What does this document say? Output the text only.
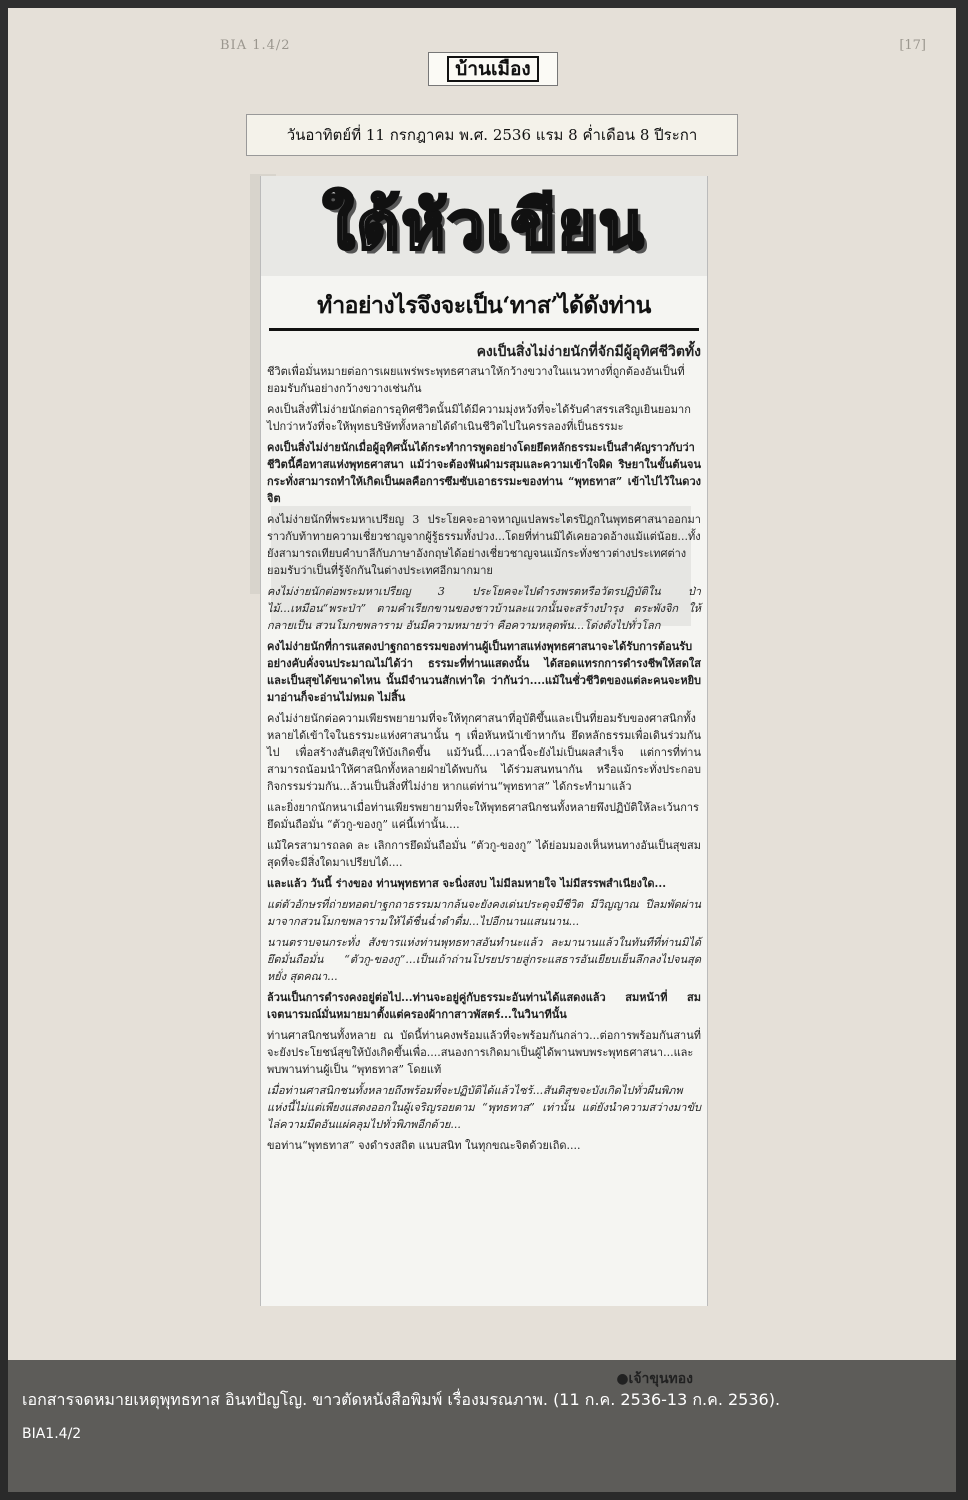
BIA 1.4/2	[17]
บ้านเมือง
วันอาทิตย์ที่ 11 กรกฎาคม พ.ศ. 2536 แรม 8 ค่ำเดือน 8 ปีระกา
ใต้หัวเขียน
ทำอย่างไรจึงจะเป็น‘ทาส’ได้ดังท่าน

คงเป็นสิ่งไม่ง่ายนักที่จักมีผู้อุทิศชีวิตทั้ง

ชีวิตเพื่อมั่นหมายต่อการเผยแพร่พระพุทธศาสนาให้กว้างขวางในแนวทางที่ถูกต้องอันเป็นที่ยอมรับกันอย่างกว้างขวางเช่นกัน

คงเป็นสิ่งที่ไม่ง่ายนักต่อการอุทิศชีวิตนั้นมิได้มีความมุ่งหวังที่จะได้รับคำสรรเสริญเยินยอมากไปกว่าหวังที่จะให้พุทธบริษัททั้งหลายได้ดำเนินชีวิตไปในครรลองที่เป็นธรรมะ

คงเป็นสิ่งไม่ง่ายนักเมื่อผู้อุทิศนั้นได้กระทำการพูดอย่างโดยยึดหลักธรรมะเป็นสำคัญราวกับว่าชีวิตนี้คือทาสแห่งพุทธศาสนา แม้ว่าจะต้องฟันฝ่ามรสุมและความเข้าใจผิด ริษยาในขั้นต้นจนกระทั่งสามารถทำให้เกิดเป็นผลคือการซึมซับเอาธรรมะของท่าน “พุทธทาส” เข้าไปไว้ในดวงจิต

คงไม่ง่ายนักที่พระมหาเปรียญ 3 ประโยคจะอาจหาญแปลพระไตรปิฎกในพุทธศาสนาออกมาราวกับท้าทายความเชี่ยวชาญจากผู้รู้ธรรมทั้งปวง...โดยที่ท่านมิได้เคยอวดอ้างแม้แต่น้อย...ทั้งยังสามารถเทียบคำบาลีกับภาษาอังกฤษได้อย่างเชี่ยวชาญจนแม้กระทั่งชาวต่างประเทศต่างยอมรับว่าเป็นที่รู้จักกันในต่างประเทศอีกมากมาย

คงไม่ง่ายนักต่อพระมหาเปรียญ 3 ประโยคจะไปดำรงพรตหรือวัตรปฏิบัติใน ป่าไม้...เหมือน“พระป่า” ตามคำเรียกขานของชาวบ้านละแวกนั้นจะสร้างบำรุง ตระพังจิก ให้กลายเป็น สวนโมกขพลาราม อันมีความหมายว่า คือความหลุดพ้น...โด่งดังไปทั่วโลก

คงไม่ง่ายนักที่การแสดงปาฐกถาธรรมของท่านผู้เป็นทาสแห่งพุทธศาสนาจะได้รับการต้อนรับอย่างคับคั่งจนประมาณไม่ได้ว่า ธรรมะที่ท่านแสดงนั้น ได้สอดแทรกการดำรงชีพให้สดใส และเป็นสุขได้ขนาดไหน นั้นมีจำนวนสักเท่าใด ว่ากันว่า....แม้ในชั่วชีวิตของแต่ละคนจะหยิบมาอ่านก็จะอ่านไม่หมด ไม่สิ้น

คงไม่ง่ายนักต่อความเพียรพยายามที่จะให้ทุกศาสนาที่อุบัติขึ้นและเป็นที่ยอมรับของศาสนิกทั้งหลายได้เข้าใจในธรรมะแห่งศาสนานั้น ๆ เพื่อหันหน้าเข้าหากัน ยึดหลักธรรมเพื่อเดินร่วมกันไป เพื่อสร้างสันติสุขให้บังเกิดขึ้น แม้วันนี้....เวลานี้จะยังไม่เป็นผลสำเร็จ แต่การที่ท่านสามารถน้อมนำให้ศาสนิกทั้งหลายฝ่ายได้พบกัน ได้ร่วมสนทนากัน หรือแม้กระทั่งประกอบกิจกรรมร่วมกัน...ล้วนเป็นสิ่งที่ไม่ง่าย หากแต่ท่าน“พุทธทาส” ได้กระทำมาแล้ว

และยิ่งยากนักหนาเมื่อท่านเพียรพยายามที่จะให้พุทธศาสนิกชนทั้งหลายพึงปฏิบัติให้ละเว้นการยึดมั่นถือมั่น “ตัวกู-ของกู” แค่นี้เท่านั้น....

แม้ใครสามารถลด ละ เลิกการยึดมั่นถือมั่น “ตัวกู-ของกู” ได้ย่อมมองเห็นหนทางอันเป็นสุขสมสุดที่จะมีสิ่งใดมาเปรียบได้....

และแล้ว วันนี้ ร่างของ ท่านพุทธทาส จะนิ่งสงบ ไม่มีลมหายใจ ไม่มีสรรพสำเนียงใด...

แต่ตัวอักษรที่ถ่ายทอดปาฐกถาธรรมมากล้นจะยังคงเด่นประดุจมีชีวิต มีวิญญาณ ปีลมพัดผ่านมาจากสวนโมกขพลารามให้ได้ชื่นฉ่ำดำดื่ม...ไปอีกนานแสนนาน...

นานตราบจนกระทั่ง สังขารแห่งท่านพุทธทาสอันทำนะแล้ว ละมานานแล้วในทันทีที่ท่านมิได้ยึดมั่นถือมั่น “ตัวกู-ของกู”...เป็นเถ้าถ่านโปรยปรายสู่กระแสธารอันเยียบเย็นลึกลงไปจนสุดหยั่ง สุดคณา...

ล้วนเป็นการดำรงคงอยู่ต่อไป...ท่านจะอยู่คู่กับธรรมะอันท่านได้แสดงแล้ว สมหน้าที่ สมเจตนารมณ์มั่นหมายมาตั้งแต่ครองผ้ากาสาวพัสตร์...ในวินาทีนั้น

ท่านศาสนิกชนทั้งหลาย ณ บัดนี้ท่านคงพร้อมแล้วที่จะพร้อมกันกล่าว...ต่อการพร้อมกันสานที่จะยังประโยชน์สุขให้บังเกิดขึ้นเพื่อ....สนองการเกิดมาเป็นผู้ได้พานพบพระพุทธศาสนา...และพบพานท่านผู้เป็น “พุทธทาส” โดยแท้

เมื่อท่านศาสนิกชนทั้งหลายถึงพร้อมที่จะปฏิบัติได้แล้วไซร้...สันติสุขจะบังเกิดไปทั่วผืนพิภพแห่งนี้ไม่แต่เพียงแสดงออกในผู้เจริญรอยตาม “พุทธทาส” เท่านั้น แต่ยังนำความสว่างมาขับไล่ความมืดอันแผ่คลุมไปทั่วพิภพอีกด้วย...

ขอท่าน“พุทธทาส” จงดำรงสถิต แนบสนิท ในทุกขณะจิตด้วยเถิด....

เอกสารจดหมายเหตุพุทธทาส อินทปัญโญ. ขาวตัดหนังสือพิมพ์ เรื่องมรณภาพ. (11 ก.ค. 2536-13 ก.ค. 2536).
BIA1.4/2
